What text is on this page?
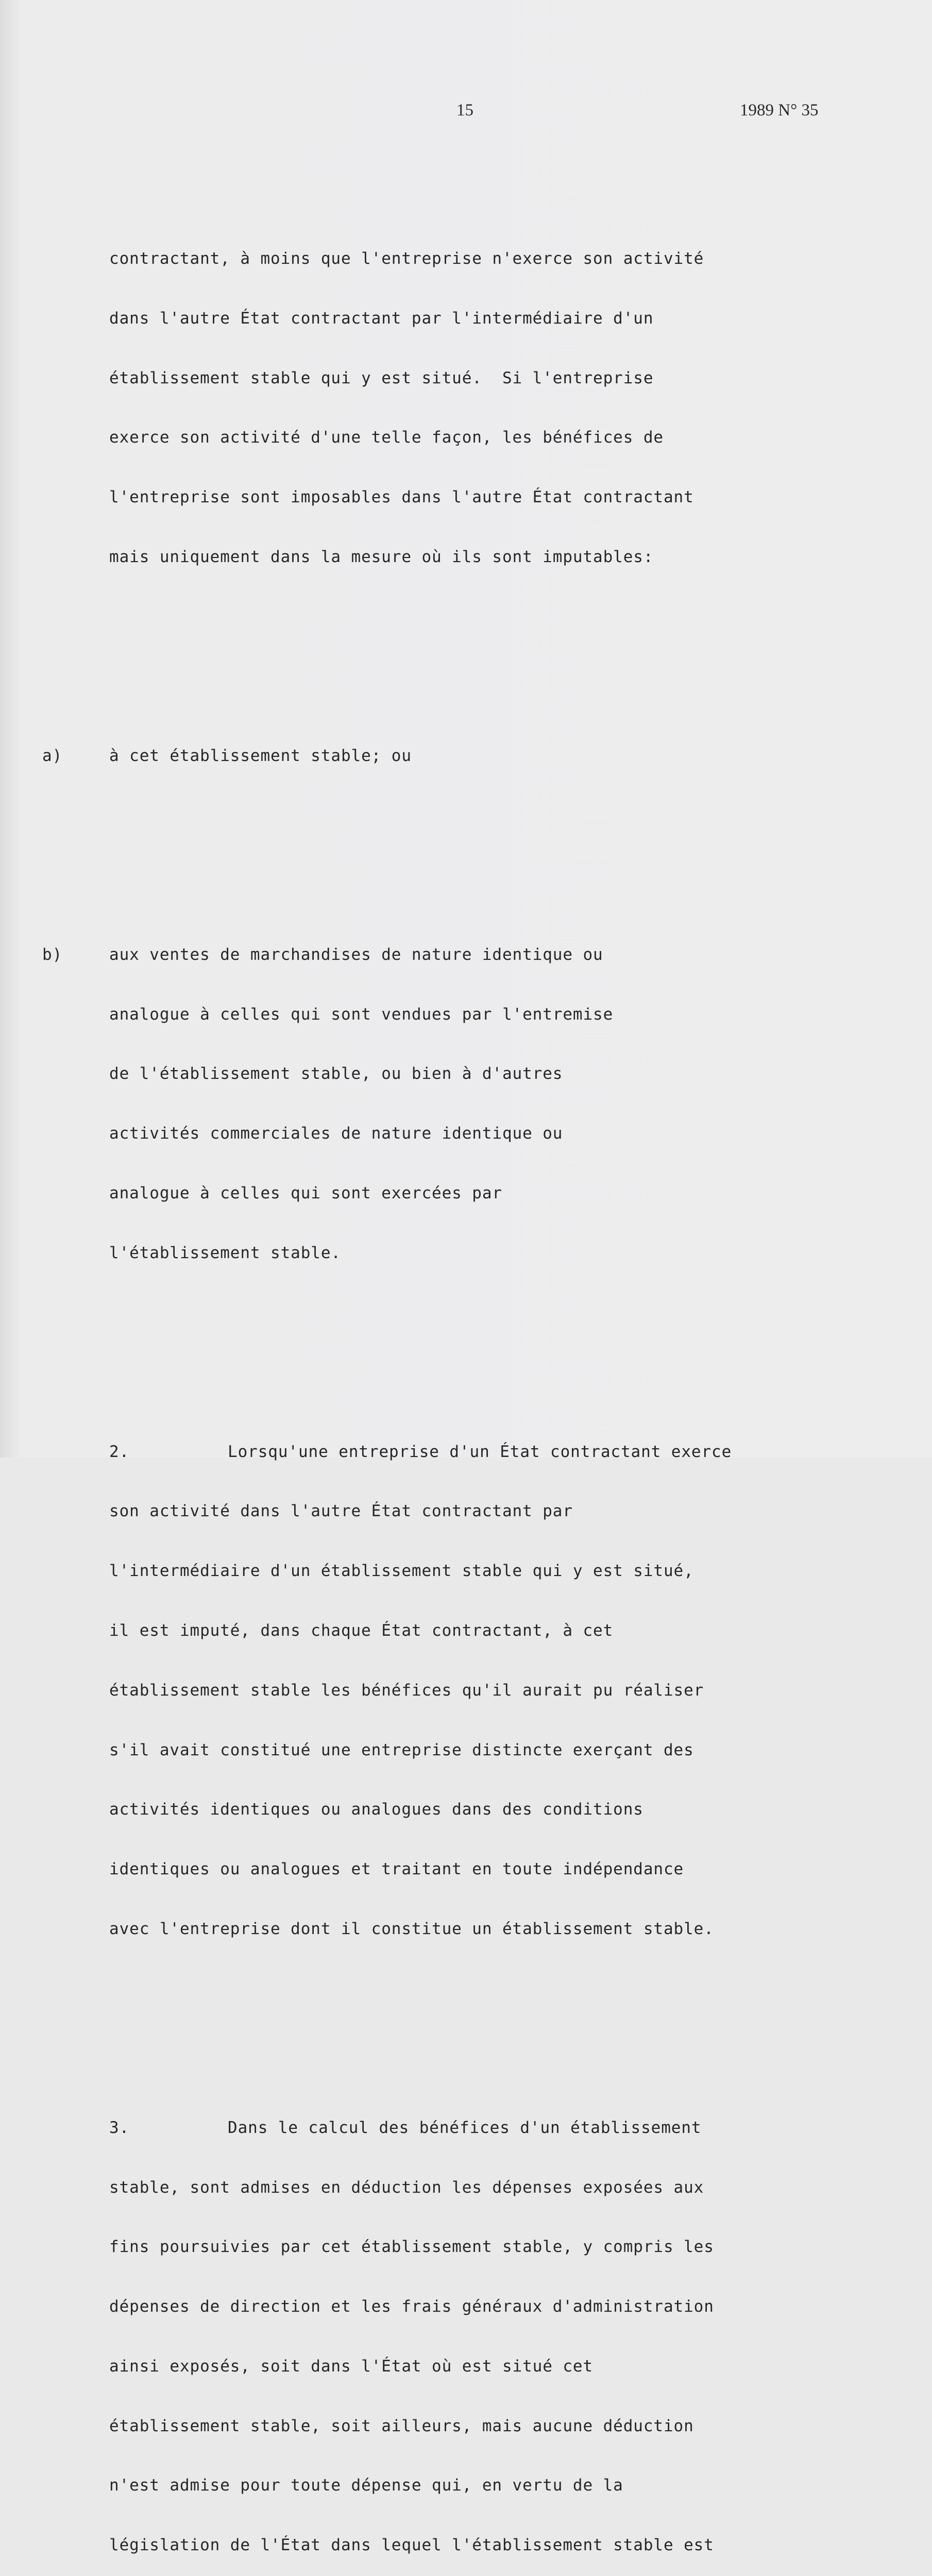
15	1989 N° 35

contractant, à moins que l'entreprise n'exerce son activité

dans l'autre État contractant par l'intermédiaire d'un

établissement stable qui y est situé.  Si l'entreprise

exerce son activité d'une telle façon, les bénéfices de

l'entreprise sont imposables dans l'autre État contractant

mais uniquement dans la mesure où ils sont imputables:

a)	à cet établissement stable; ou

b)	aux ventes de marchandises de nature identique ou

analogue à celles qui sont vendues par l'entremise

de l'établissement stable, ou bien à d'autres

activités commerciales de nature identique ou

analogue à celles qui sont exercées par

l'établissement stable.

2.	Lorsqu'une entreprise d'un État contractant exerce

son activité dans l'autre État contractant par

l'intermédiaire d'un établissement stable qui y est situé,

il est imputé, dans chaque État contractant, à cet

établissement stable les bénéfices qu'il aurait pu réaliser

s'il avait constitué une entreprise distincte exerçant des

activités identiques ou analogues dans des conditions

identiques ou analogues et traitant en toute indépendance

avec l'entreprise dont il constitue un établissement stable.

3.	Dans le calcul des bénéfices d'un établissement

stable, sont admises en déduction les dépenses exposées aux

fins poursuivies par cet établissement stable, y compris les

dépenses de direction et les frais généraux d'administration

ainsi exposés, soit dans l'État où est situé cet

établissement stable, soit ailleurs, mais aucune déduction

n'est admise pour toute dépense qui, en vertu de la

législation de l'État dans lequel l'établissement stable est
